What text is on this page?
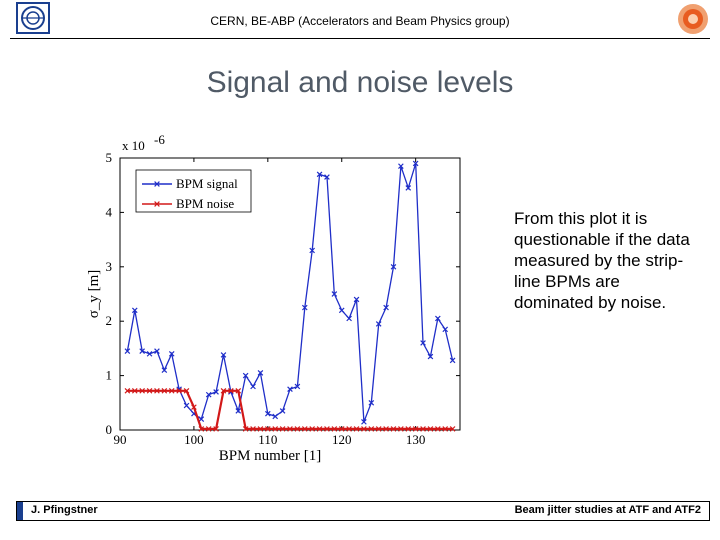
CERN, BE-ABP (Accelerators and Beam Physics group)
Signal and noise levels
90	100	110	120	130
0
1
2
3
4
5
x 10 -6
BPM number [1]
σ_y [m]
BPM signal
BPM noise
From this plot it is questionable if the data measured by the strip-line BPMs are dominated by noise.
J. Pfingstner	Beam jitter studies at ATF and ATF2
